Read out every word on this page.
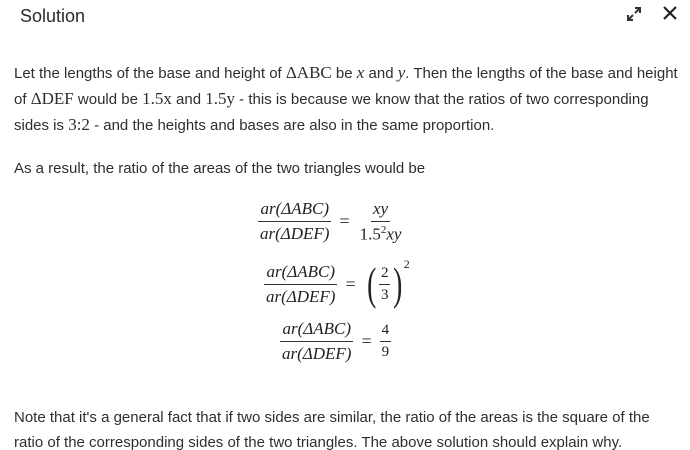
Solution

Let the lengths of the base and height of ΔABC be x and y. Then the lengths of the base and height of ΔDEF would be 1.5x and 1.5y - this is because we know that the ratios of two corresponding sides is 3:2 - and the heights and bases are also in the same proportion.

As a result, the ratio of the areas of the two triangles would be

$\frac{\text{ar(ΔABC)}}{\text{ar(ΔDEF)}} = \frac{xy}{1.5^2xy}$
$\frac{\text{ar(ΔABC)}}{\text{ar(ΔDEF)}}$ = ( $\frac{2}{3}$ ) 2
$\frac{\text{ar(ΔABC)}}{\text{ar(ΔDEF)}} = \frac{4}{9}$

Note that it's a general fact that if two sides are similar, the ratio of the areas is the square of the ratio of the corresponding sides of the two triangles. The above solution should explain why.
